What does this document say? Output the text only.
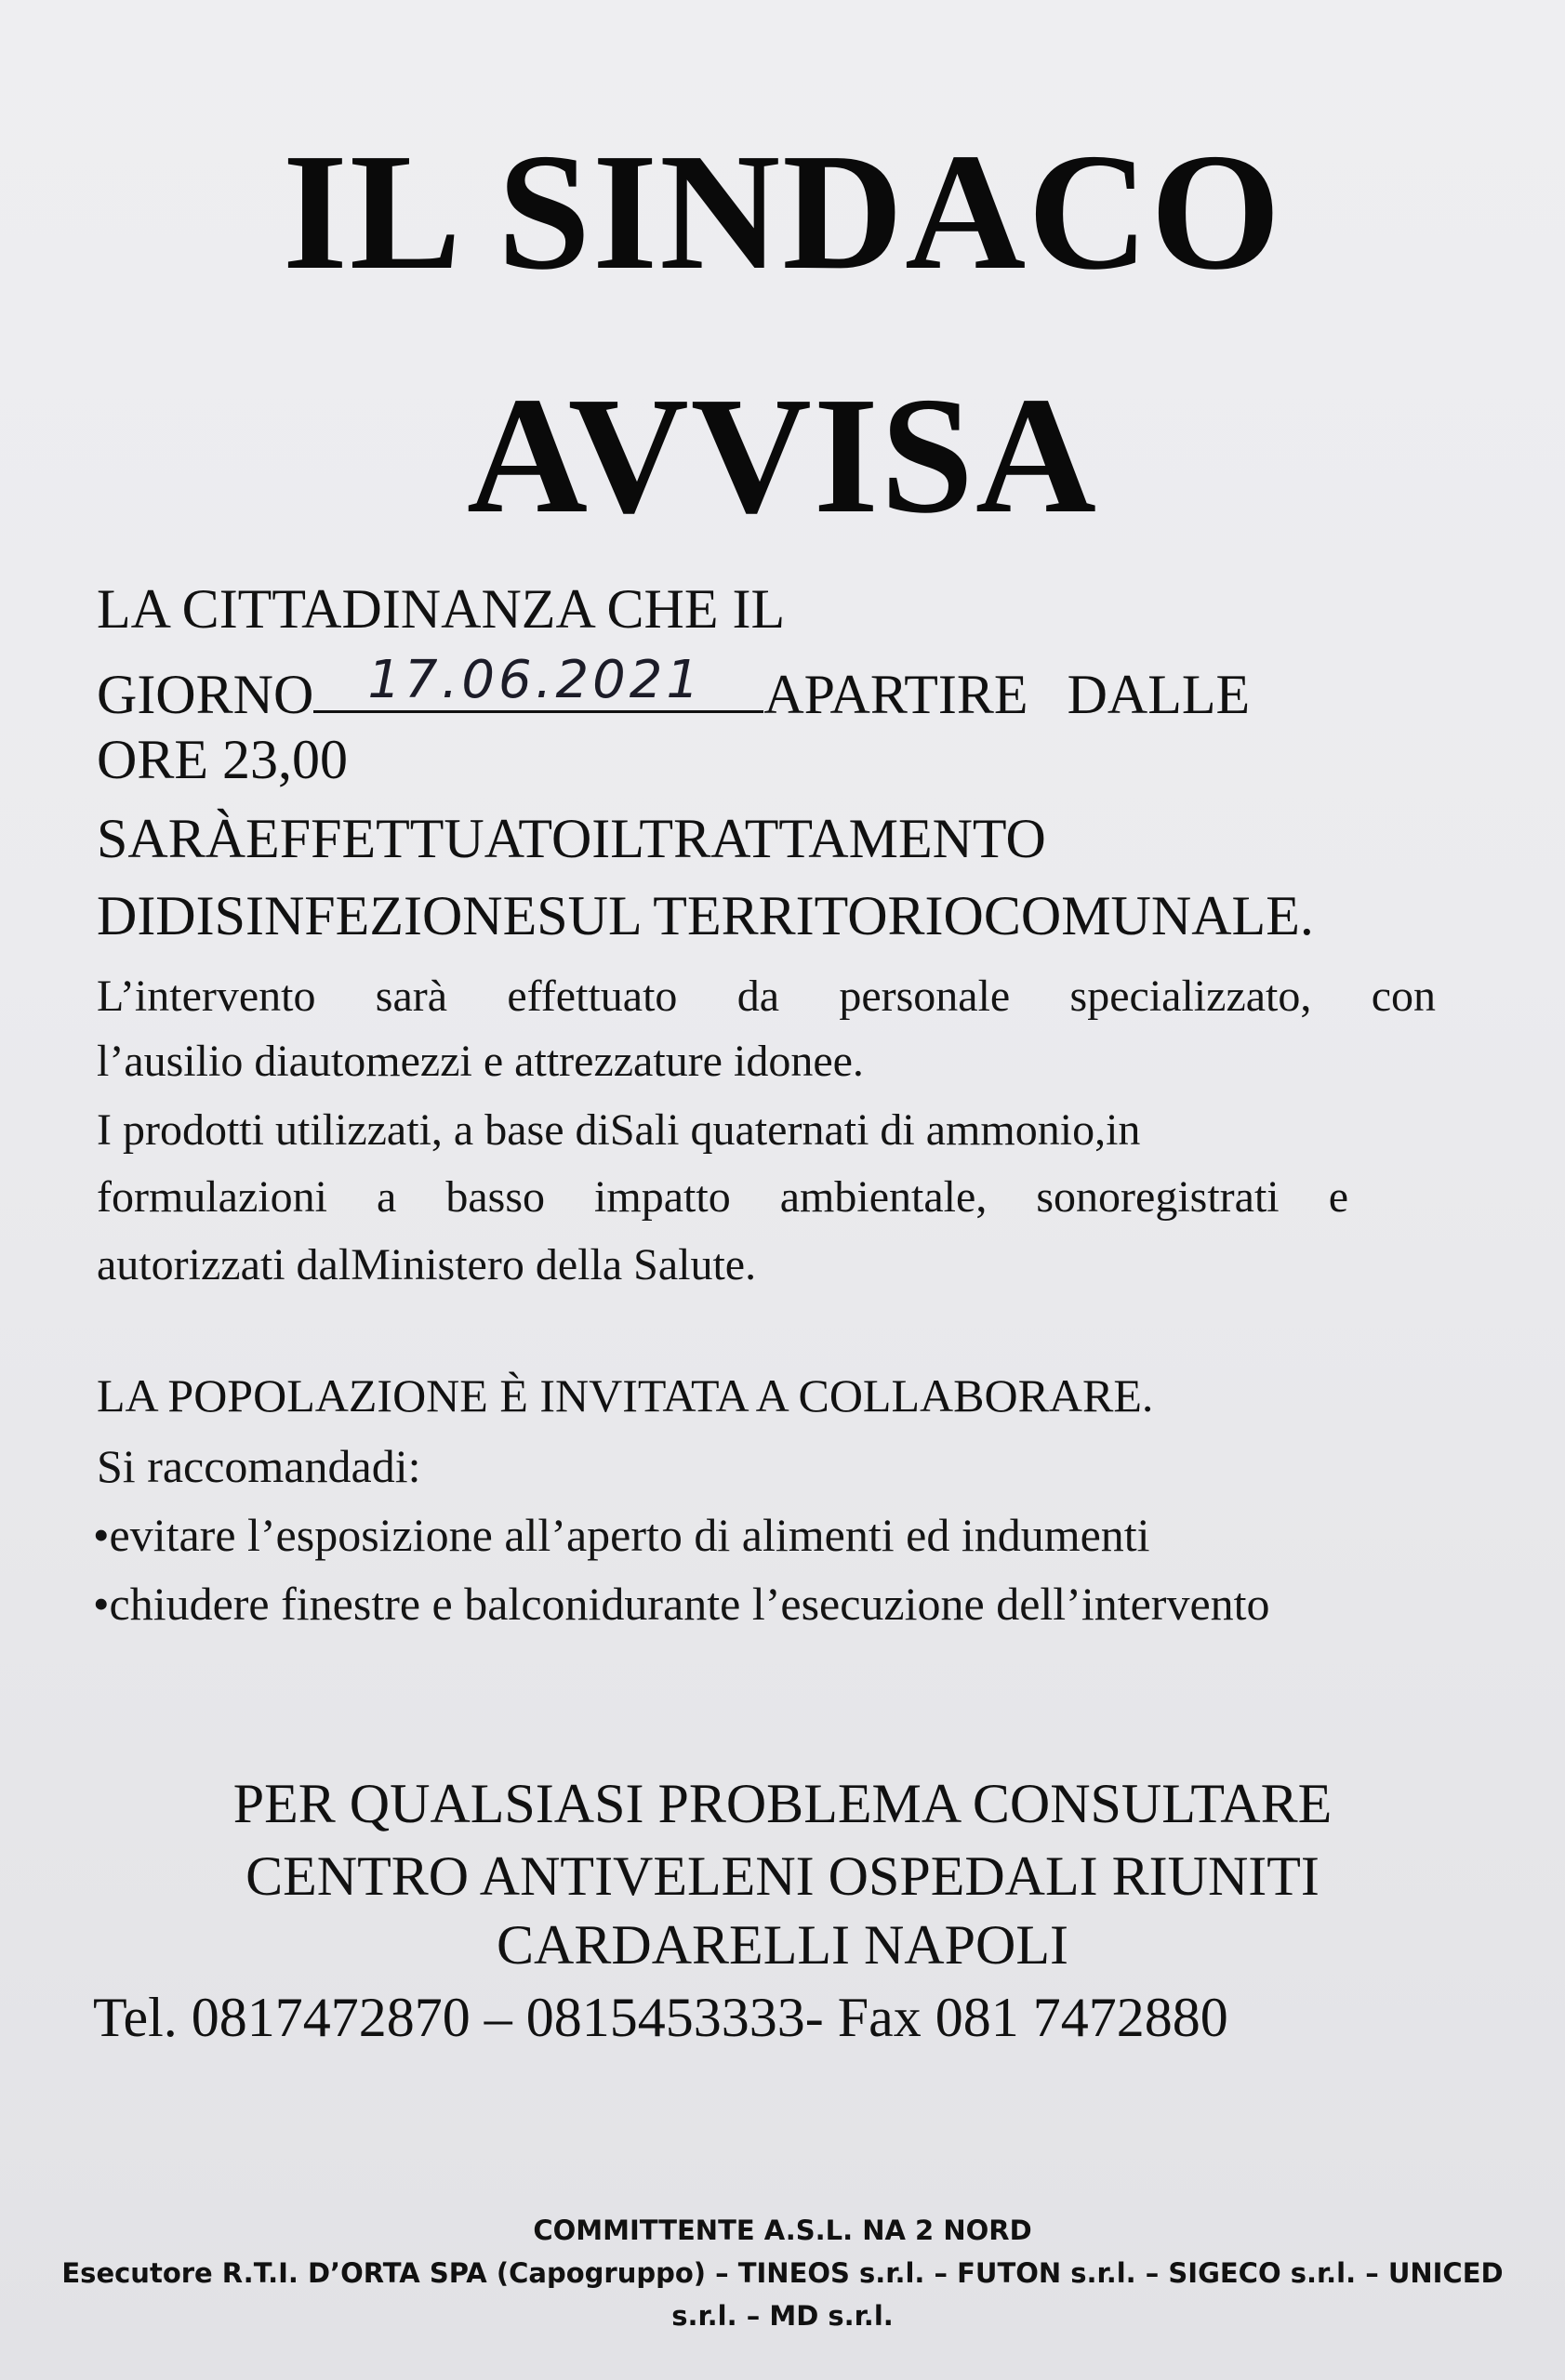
IL SINDACO
AVVISA
LA CITTADINANZA CHE IL
GIORNO 17.06.2021 APARTIRE DALLE
ORE 23,00
SARÀEFFETTUATOILTRATTAMENTO
DIDISINFEZIONESUL TERRITORIOCOMUNALE.
L’intervento sarà effettuato da personale specializzato, con
l’ausilio diautomezzi e attrezzature idonee.
I prodotti utilizzati, a base diSali quaternati di ammonio,in
formulazioni a basso impatto ambientale, sonoregistrati e
autorizzati dalMinistero della Salute.
LA POPOLAZIONE È INVITATA A COLLABORARE.
Si raccomandadi:
•evitare l’esposizione all’aperto di alimenti ed indumenti
•chiudere finestre e balconidurante l’esecuzione dell’intervento
PER QUALSIASI PROBLEMA CONSULTARE
CENTRO ANTIVELENI OSPEDALI RIUNITI
CARDARELLI NAPOLI
Tel. 0817472870 – 0815453333- Fax 081 7472880
COMMITTENTE A.S.L. NA 2 NORD
Esecutore R.T.I. D’ORTA SPA (Capogruppo) – TINEOS s.r.l. – FUTON s.r.l. – SIGECO s.r.l. – UNICED
s.r.l. – MD s.r.l.
